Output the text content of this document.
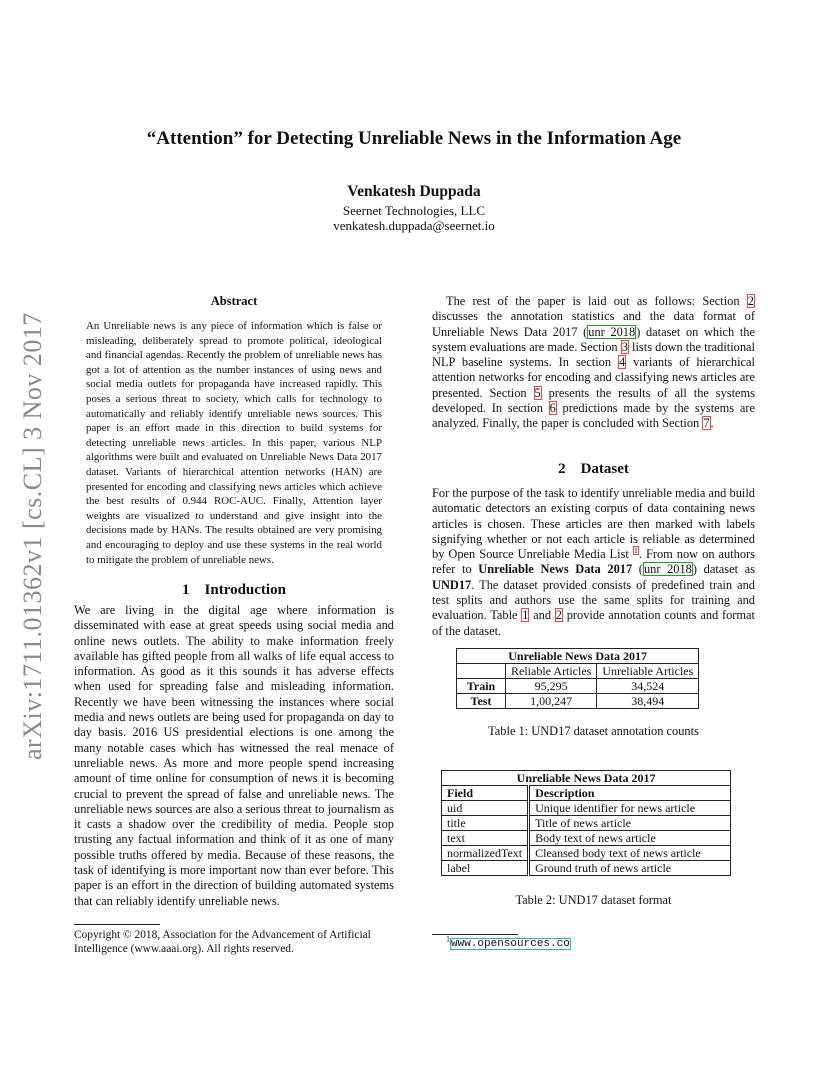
arXiv:1711.01362v1 [cs.CL] 3 Nov 2017
“Attention” for Detecting Unreliable News in the Information Age
Venkatesh Duppada
Seernet Technologies, LLC
venkatesh.duppada@seernet.io
Abstract
An Unreliable news is any piece of information which is false or misleading, deliberately spread to promote political, ideological and financial agendas. Recently the problem of unreliable news has got a lot of attention as the number instances of using news and social media outlets for propaganda have increased rapidly. This poses a serious threat to society, which calls for technology to automatically and reliably identify unreliable news sources. This paper is an effort made in this direction to build systems for detecting unreliable news articles. In this paper, various NLP algorithms were built and evaluated on Unreliable News Data 2017 dataset. Variants of hierarchical attention networks (HAN) are presented for encoding and classifying news articles which achieve the best results of 0.944 ROC-AUC. Finally, Attention layer weights are visualized to understand and give insight into the decisions made by HANs. The results obtained are very promising and encouraging to deploy and use these systems in the real world to mitigate the problem of unreliable news.
1 Introduction
We are living in the digital age where information is disseminated with ease at great speeds using social media and online news outlets. The ability to make information freely available has gifted people from all walks of life equal access to information. As good as it this sounds it has adverse effects when used for spreading false and misleading information. Recently we have been witnessing the instances where social media and news outlets are being used for propaganda on day to day basis. 2016 US presidential elections is one among the many notable cases which has witnessed the real menace of unreliable news. As more and more people spend increasing amount of time online for consumption of news it is becoming crucial to prevent the spread of false and unreliable news. The unreliable news sources are also a serious threat to journalism as it casts a shadow over the credibility of media. People stop trusting any factual information and think of it as one of many possible truths offered by media. Because of these reasons, the task of identifying is more important now than ever before. This paper is an effort in the direction of building automated systems that can reliably identify unreliable news.
Copyright © 2018, Association for the Advancement of Artificial
Intelligence (www.aaai.org). All rights reserved.

The rest of the paper is laid out as follows: Section 2 discusses the annotation statistics and the data format of Unreliable News Data 2017 (unr 2018) dataset on which the system evaluations are made. Section 3 lists down the traditional NLP baseline systems. In section 4 variants of hierarchical attention networks for encoding and classifying news articles are presented. Section 5 presents the results of all the systems developed. In section 6 predictions made by the systems are analyzed. Finally, the paper is concluded with Section 7.

2 Dataset

For the purpose of the task to identify unreliable media and build automatic detectors an existing corpus of data containing news articles is chosen. These articles are then marked with labels signifying whether or not each article is reliable as determined by Open Source Unreliable Media List $^1$. From now on authors refer to Unreliable News Data 2017 (unr 2018) dataset as UND17. The dataset provided consists of predefined train and test splits and authors use the same splits for training and evaluation. Table 1 and 2 provide annotation counts and format of the dataset.

Unreliable News Data 2017		
	Reliable Articles	Unreliable Articles
Train	95,295	34,524
Test	1,00,247	38,494
Table 1: UND17 dataset annotation counts
Unreliable News Data 2017	
Field	Description
uid	Unique identifier for news article
title	Title of news article
text	Body text of news article
normalizedText	Cleansed body text of news article
label	Ground truth of news article
Table 2: UND17 dataset format
$^1$www.opensources.co
